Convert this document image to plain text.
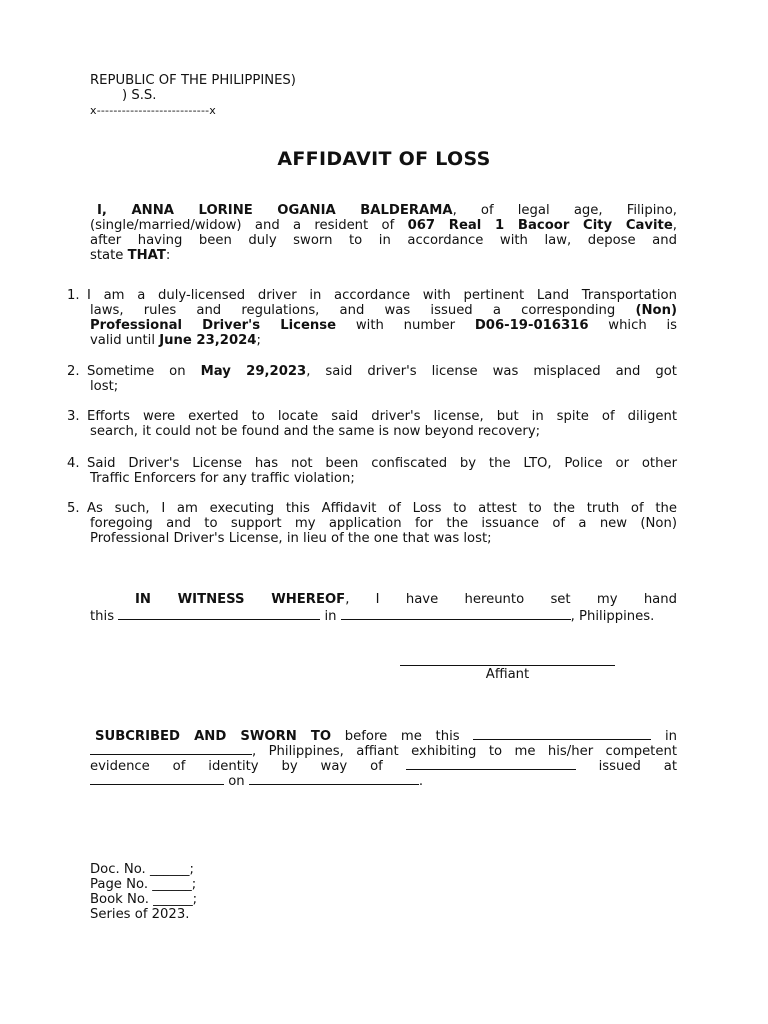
REPUBLIC OF THE PHILIPPINES)
) S.S.
x---------------------------x
AFFIDAVIT OF LOSS
I, ANNA LORINE OGANIA BALDERAMA, of legal age, Filipino,
(single/married/widow) and a resident of 067 Real 1 Bacoor City Cavite,
after having been duly sworn to in accordance with law, depose and
state THAT:
1. I am a duly-licensed driver in accordance with pertinent Land Transportation
laws, rules and regulations, and was issued a corresponding (Non)
Professional Driver's License with number D06-19-016316 which is
valid until June 23,2024;
2. Sometime on May 29,2023, said driver's license was misplaced and got
lost;
3. Efforts were exerted to locate said driver's license, but in spite of diligent
search, it could not be found and the same is now beyond recovery;
4. Said Driver's License has not been confiscated by the LTO, Police or other
Traffic Enforcers for any traffic violation;
5. As such, I am executing this Affidavit of Loss to attest to the truth of the
foregoing and to support my application for the issuance of a new (Non)
Professional Driver's License, in lieu of the one that was lost;
IN WITNESS WHEREOF, I have hereunto set my hand
this	in	, Philippines.
Affiant
SUBCRIBED AND SWORN TO before me this	in
, Philippines, affiant exhibiting to me his/her competent
evidence of identity by way of	issued at
on	.
Doc. No. ______;
Page No. ______;
Book No. ______;
Series of 2023.
